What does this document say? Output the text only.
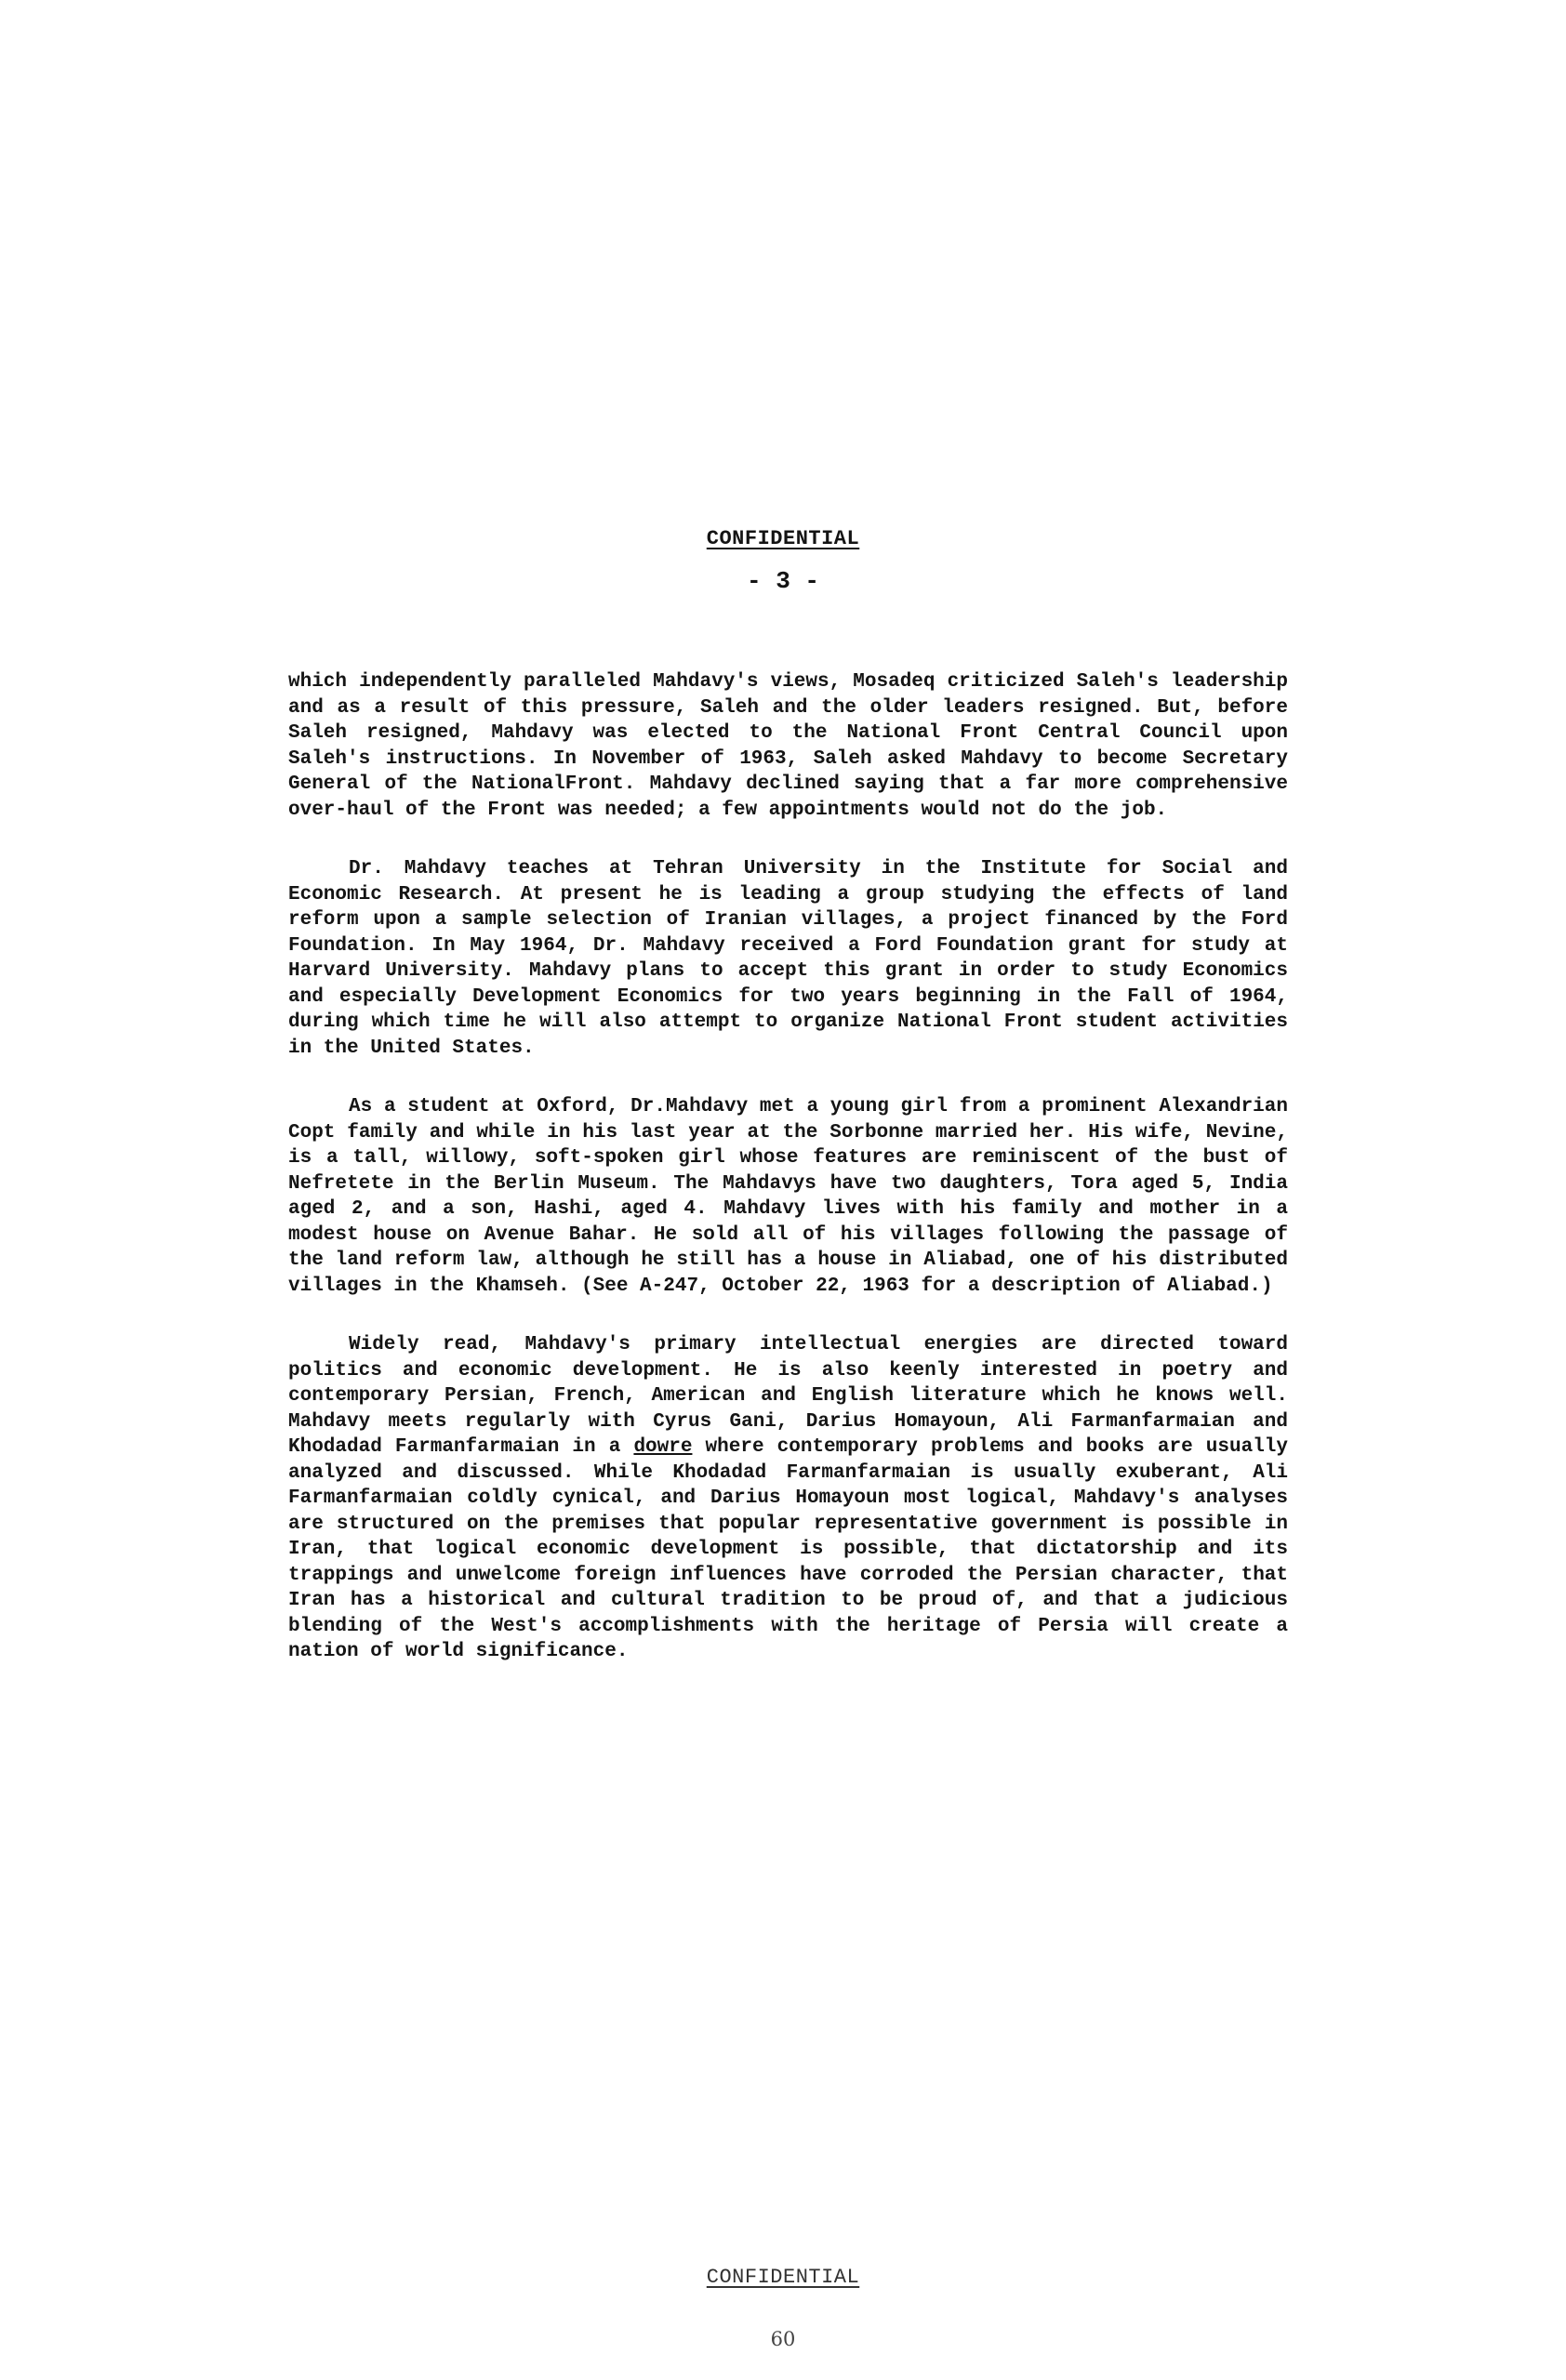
CONFIDENTIAL
- 3 -

which independently paralleled Mahdavy's views, Mosadeq criticized Saleh's leadership and as a result of this pressure, Saleh and the older leaders resigned. But, before Saleh resigned, Mahdavy was elected to the National Front Central Council upon Saleh's instructions. In November of 1963, Saleh asked Mahdavy to become Secretary General of the NationalFront. Mahdavy declined saying that a far more comprehensive over-haul of the Front was needed; a few appointments would not do the job.

Dr. Mahdavy teaches at Tehran University in the Institute for Social and Economic Research. At present he is leading a group studying the effects of land reform upon a sample selection of Iranian villages, a project financed by the Ford Foundation. In May 1964, Dr. Mahdavy received a Ford Foundation grant for study at Harvard University. Mahdavy plans to accept this grant in order to study Economics and especially Development Economics for two years beginning in the Fall of 1964, during which time he will also attempt to organize National Front student activities in the United States.

As a student at Oxford, Dr.Mahdavy met a young girl from a prominent Alexandrian Copt family and while in his last year at the Sorbonne married her. His wife, Nevine, is a tall, willowy, soft-spoken girl whose features are reminiscent of the bust of Nefretete in the Berlin Museum. The Mahdavys have two daughters, Tora aged 5, India aged 2, and a son, Hashi, aged 4. Mahdavy lives with his family and mother in a modest house on Avenue Bahar. He sold all of his villages following the passage of the land reform law, although he still has a house in Aliabad, one of his distributed villages in the Khamseh. (See A-247, October 22, 1963 for a description of Aliabad.)

Widely read, Mahdavy's primary intellectual energies are directed toward politics and economic development. He is also keenly interested in poetry and contemporary Persian, French, American and English literature which he knows well. Mahdavy meets regularly with Cyrus Gani, Darius Homayoun, Ali Farmanfarmaian and Khodadad Farmanfarmaian in a dowre where contemporary problems and books are usually analyzed and discussed. While Khodadad Farmanfarmaian is usually exuberant, Ali Farmanfarmaian coldly cynical, and Darius Homayoun most logical, Mahdavy's analyses are structured on the premises that popular representative government is possible in Iran, that logical economic development is possible, that dictatorship and its trappings and unwelcome foreign influences have corroded the Persian character, that Iran has a historical and cultural tradition to be proud of, and that a judicious blending of the West's accomplishments with the heritage of Persia will create a nation of world significance.

CONFIDENTIAL
60
